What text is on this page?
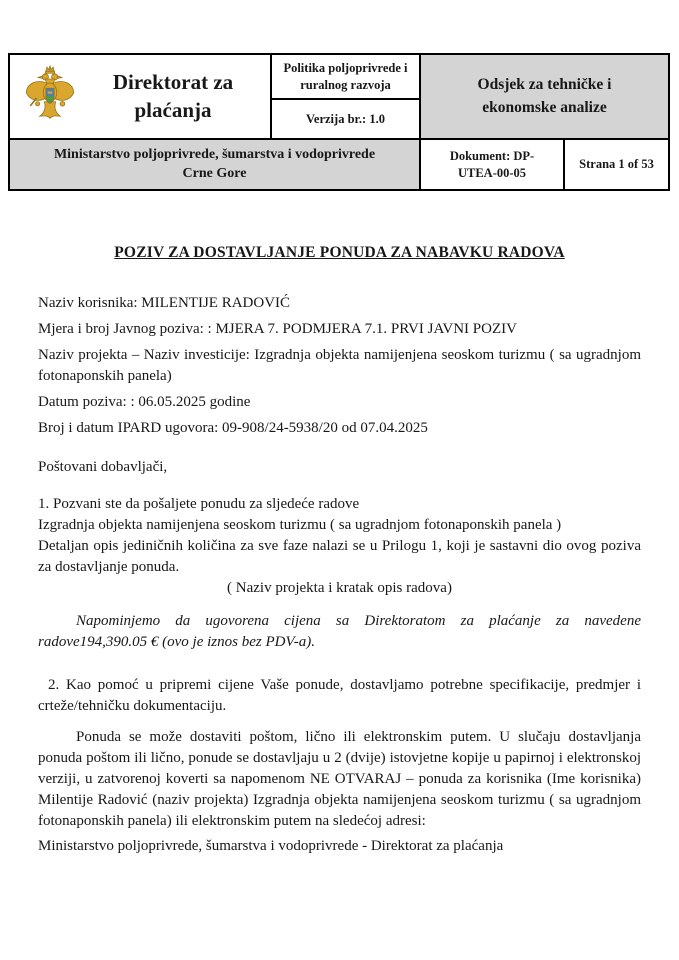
Direktorat za plaćanja
Politika poljoprivrede i ruralnog razvoja
Verzija br.: 1.0
Odsjek za tehničke i ekonomske analize
Ministarstvo poljoprivrede, šumarstva i vodoprivrede Crne Gore
Dokument: DP-UTEA-00-05
Strana 1 of 53
POZIV ZA DOSTAVLJANJE PONUDA ZA NABAVKU RADOVA

Naziv korisnika: MILENTIJE RADOVIĆ

Mjera i broj Javnog poziva: : MJERA 7. PODMJERA 7.1. PRVI JAVNI POZIV

Naziv projekta – Naziv investicije: Izgradnja objekta namijenjena seoskom turizmu ( sa ugradnjom fotonaponskih panela)

Datum poziva: : 06.05.2025 godine

Broj i datum IPARD ugovora: 09-908/24-5938/20 od 07.04.2025

Poštovani dobavljači,

1. Pozvani ste da pošaljete ponudu za sljedeće radove

Izgradnja objekta namijenjena seoskom turizmu ( sa ugradnjom fotonaponskih panela )

Detaljan opis jediničnih količina za sve faze nalazi se u Prilogu 1, koji je sastavni dio ovog poziva za dostavljanje ponuda.

( Naziv projekta i kratak opis radova)

Napominjemo da ugovorena cijena sa Direktoratom za plaćanje za navedene radove194,390.05 € (ovo je iznos bez PDV-a).

2. Kao pomoć u pripremi cijene Vaše ponude, dostavljamo potrebne specifikacije, predmjer i crteže/tehničku dokumentaciju.

Ponuda se može dostaviti poštom, lično ili elektronskim putem. U slučaju dostavljanja ponuda poštom ili lično, ponude se dostavljaju u 2 (dvije) istovjetne kopije u papirnoj i elektronskoj verziji, u zatvorenoj koverti sa napomenom NE OTVARAJ – ponuda za korisnika (Ime korisnika) Milentije Radović (naziv projekta) Izgradnja objekta namijenjena seoskom turizmu ( sa ugradnjom fotonaponskih panela) ili elektronskim putem na sledećoj adresi:

Ministarstvo poljoprivrede, šumarstva i vodoprivrede - Direktorat za plaćanja
